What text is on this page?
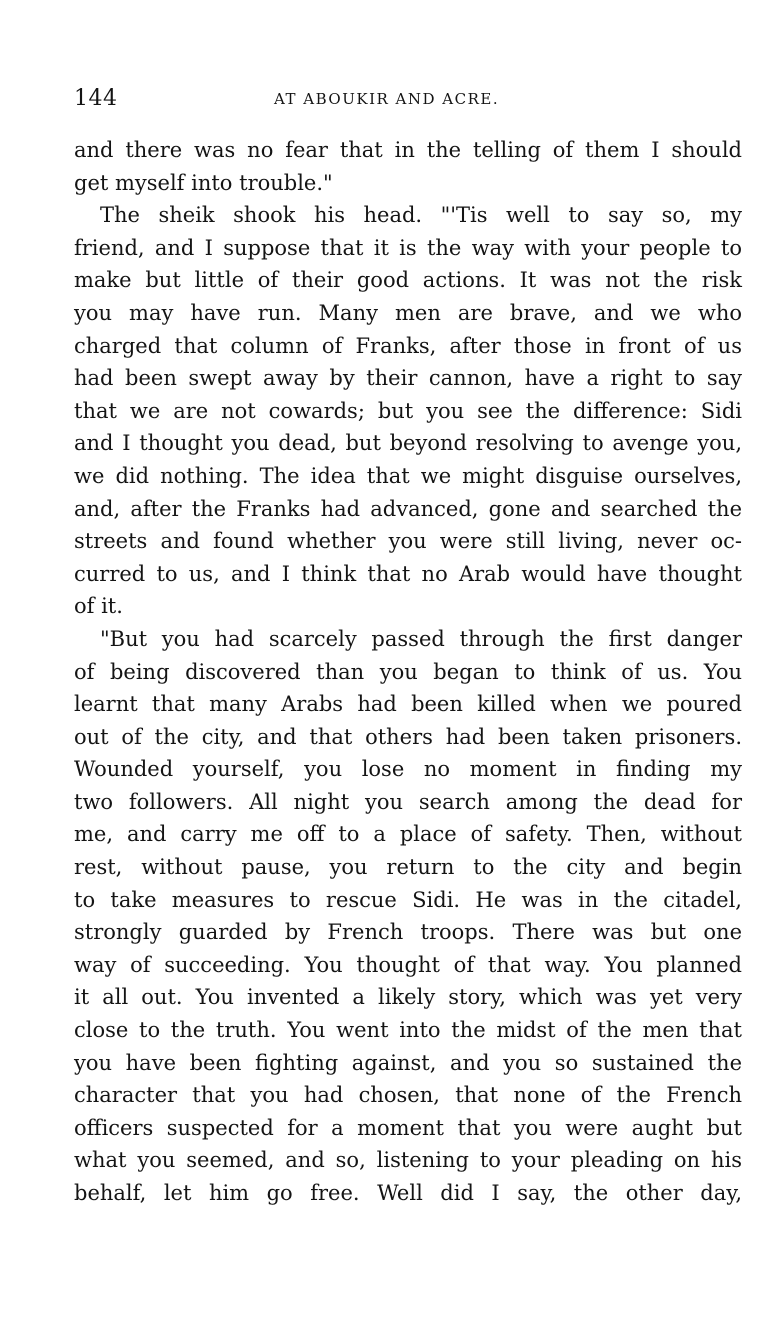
144	AT ABOUKIR AND ACRE.
and there was no fear that in the telling of them I should
get myself into trouble."
The sheik shook his head. "'Tis well to say so, my
friend, and I suppose that it is the way with your people to
make but little of their good actions. It was not the risk
you may have run. Many men are brave, and we who
charged that column of Franks, after those in front of us
had been swept away by their cannon, have a right to say
that we are not cowards; but you see the difference: Sidi
and I thought you dead, but beyond resolving to avenge you,
we did nothing. The idea that we might disguise ourselves,
and, after the Franks had advanced, gone and searched the
streets and found whether you were still living, never oc-
curred to us, and I think that no Arab would have thought
of it.
"But you had scarcely passed through the first danger
of being discovered than you began to think of us. You
learnt that many Arabs had been killed when we poured
out of the city, and that others had been taken prisoners.
Wounded yourself, you lose no moment in finding my
two followers. All night you search among the dead for
me, and carry me off to a place of safety. Then, without
rest, without pause, you return to the city and begin
to take measures to rescue Sidi. He was in the citadel,
strongly guarded by French troops. There was but one
way of succeeding. You thought of that way. You planned
it all out. You invented a likely story, which was yet very
close to the truth. You went into the midst of the men that
you have been fighting against, and you so sustained the
character that you had chosen, that none of the French
officers suspected for a moment that you were aught but
what you seemed, and so, listening to your pleading on his
behalf, let him go free. Well did I say, the other day,
